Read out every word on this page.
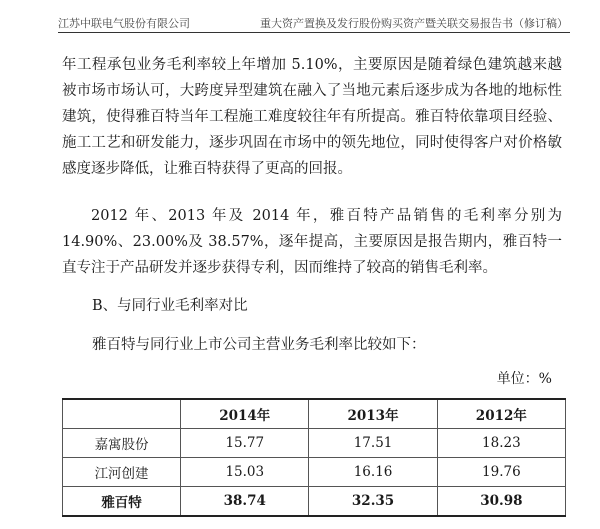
江苏中联电气股份有限公司	重大资产置换及发行股份购买资产暨关联交易报告书（修订稿）

年工程承包业务毛利率较上年增加 5.10%，主要原因是随着绿色建筑越来越被市场市场认可，大跨度异型建筑在融入了当地元素后逐步成为各地的地标性建筑，使得雅百特当年工程施工难度较往年有所提高。雅百特依靠项目经验、施工工艺和研发能力，逐步巩固在市场中的领先地位，同时使得客户对价格敏感度逐步降低，让雅百特获得了更高的回报。

2012 年、2013 年及 2014 年，雅百特产品销售的毛利率分别为 14.90%、23.00%及 38.57%，逐年提高，主要原因是报告期内，雅百特一直专注于产品研发并逐步获得专利，因而维持了较高的销售毛利率。

B、与同行业毛利率对比

雅百特与同行业上市公司主营业务毛利率比较如下：

单位：%
	2014年	2013年	2012年
嘉寓股份	15.77	17.51	18.23
江河创建	15.03	16.16	19.76
雅百特	38.74	32.35	30.98
